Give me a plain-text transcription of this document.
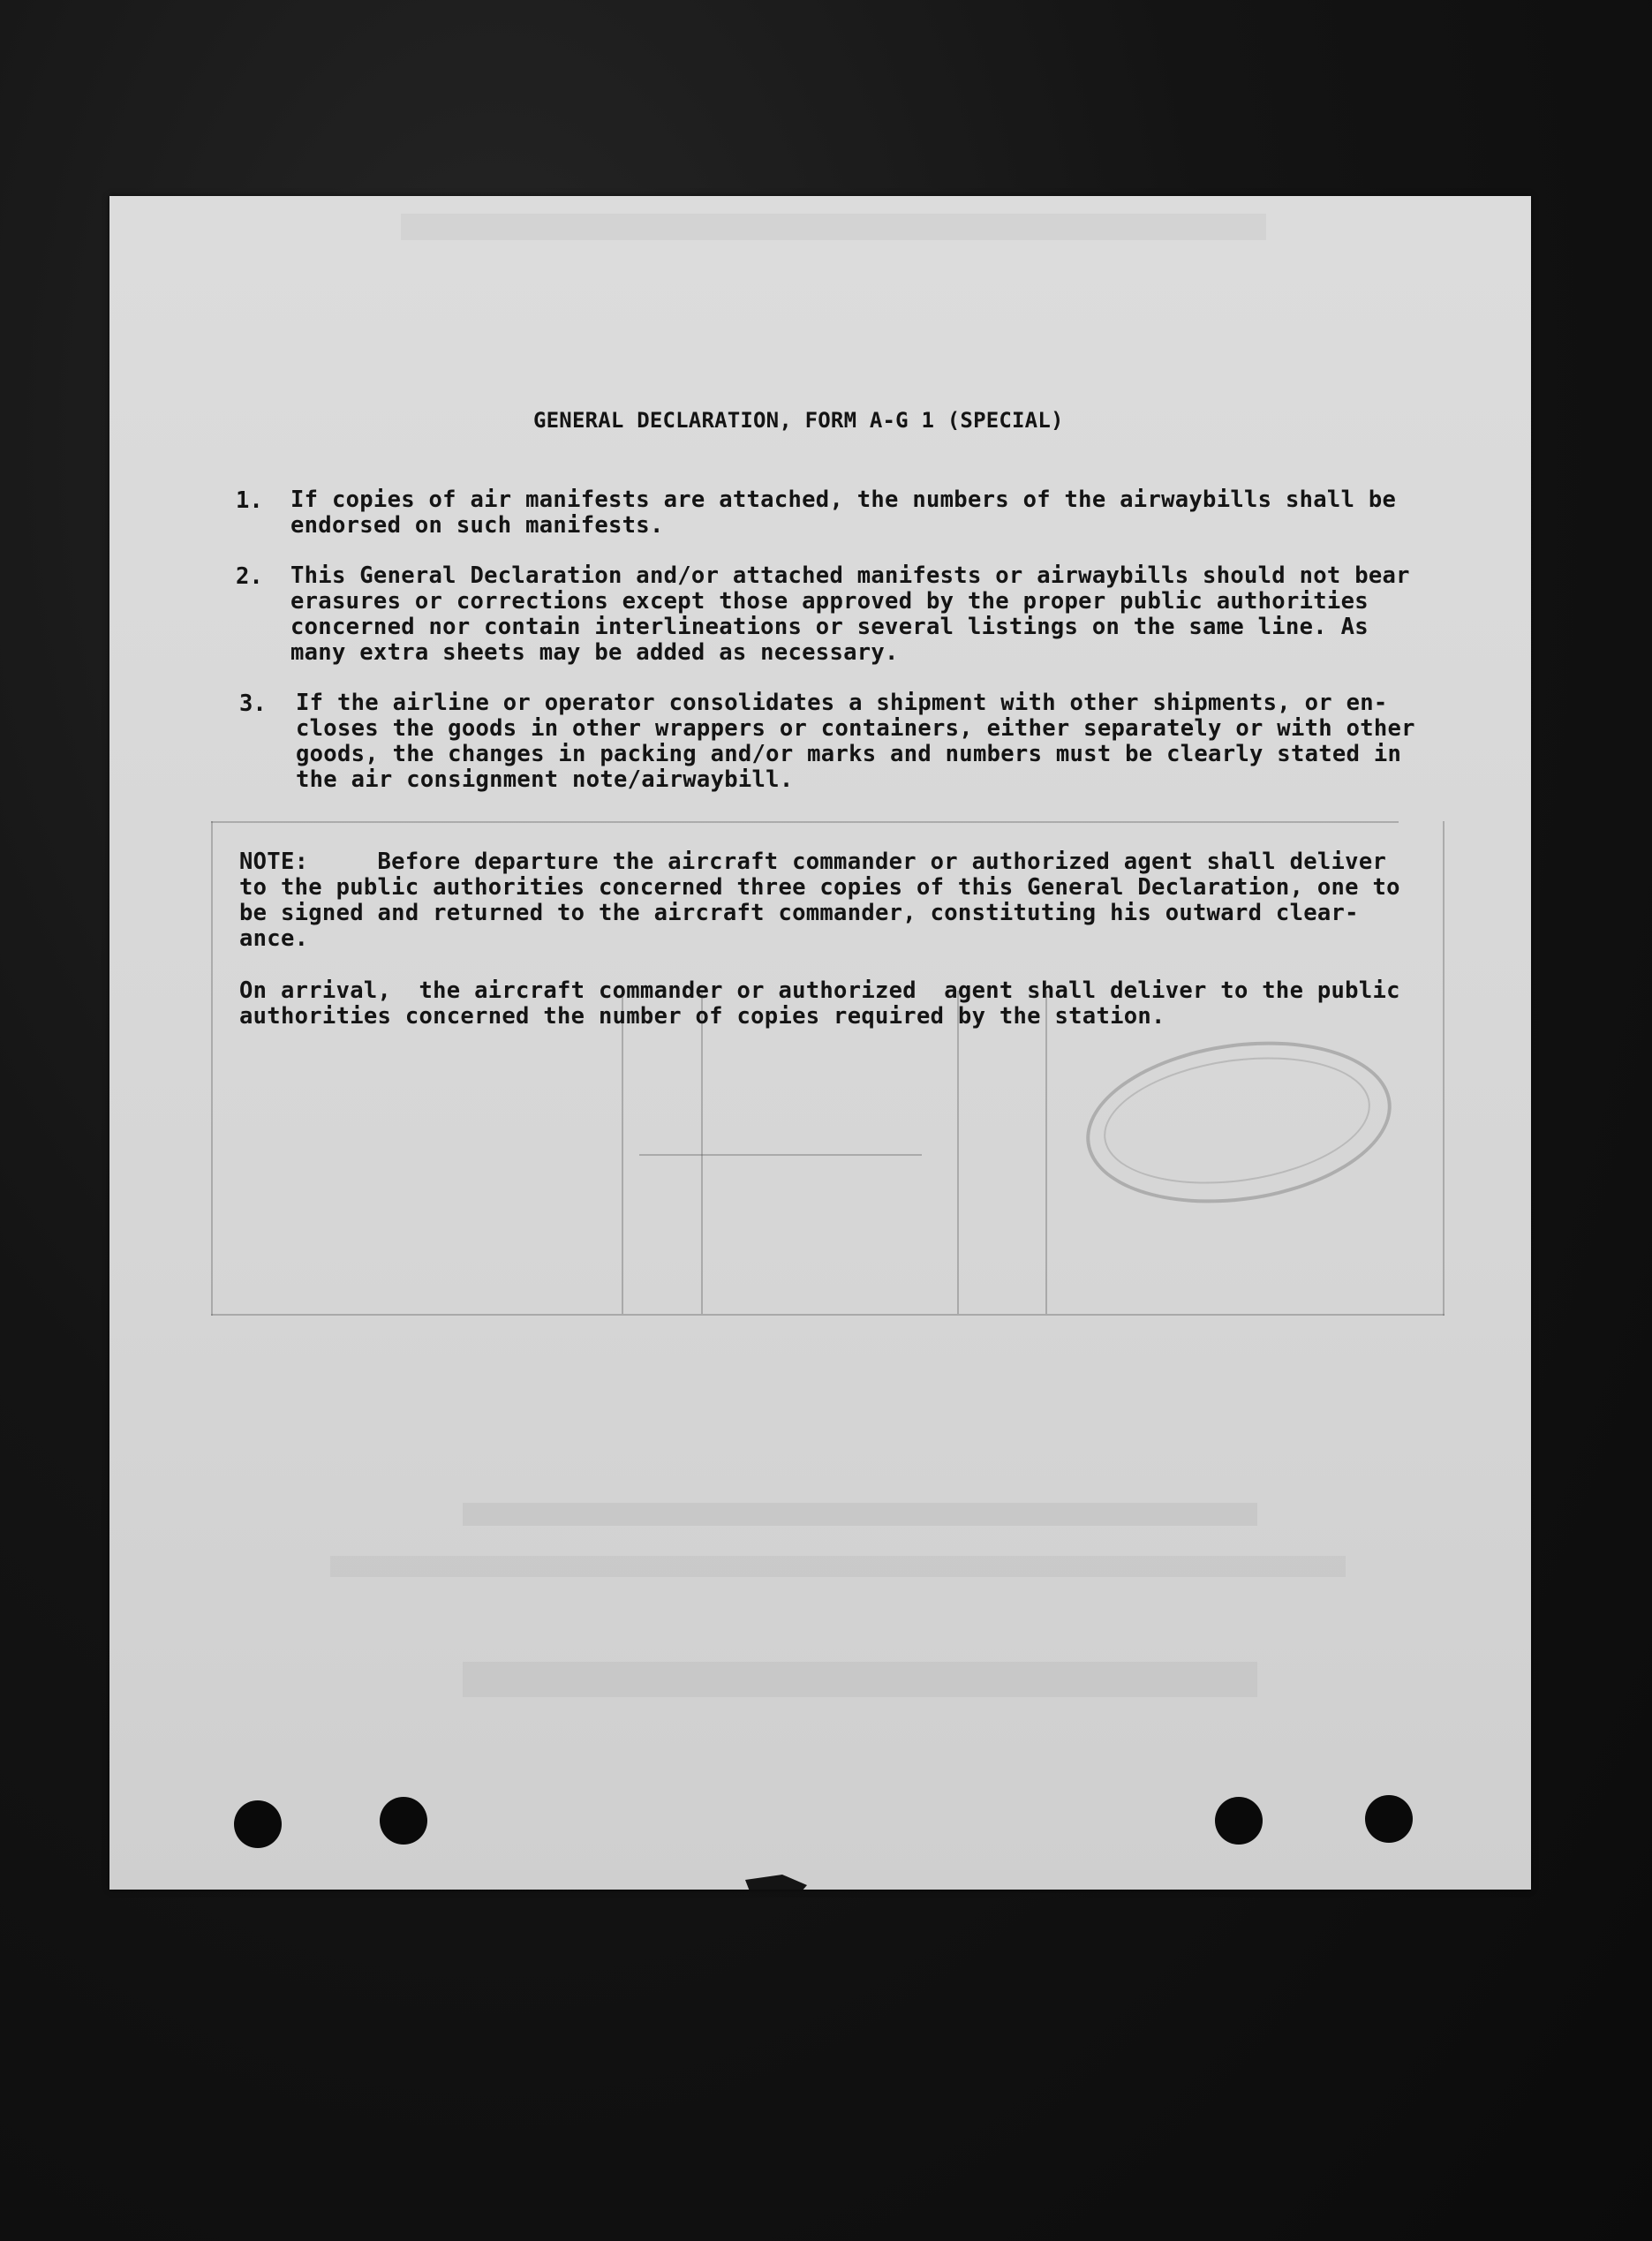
GENERAL DECLARATION, FORM A-G 1 (SPECIAL)
1. If copies of air manifests are attached, the numbers of the airwaybills shall be
endorsed on such manifests.
2. This General Declaration and/or attached manifests or airwaybills should not bear
erasures or corrections except those approved by the proper public authorities
concerned nor contain interlineations or several listings on the same line. As
many extra sheets may be added as necessary.
3. If the airline or operator consolidates a shipment with other shipments, or en-
closes the goods in other wrappers or containers, either separately or with other
goods, the changes in packing and/or marks and numbers must be clearly stated in
the air consignment note/airwaybill.
NOTE:     Before departure the aircraft commander or authorized agent shall deliver
to the public authorities concerned three copies of this General Declaration, one to
be signed and returned to the aircraft commander, constituting his outward clear-
ance.
On arrival,  the aircraft commander or authorized  agent shall deliver to the public
authorities concerned the number of copies required by the station.
